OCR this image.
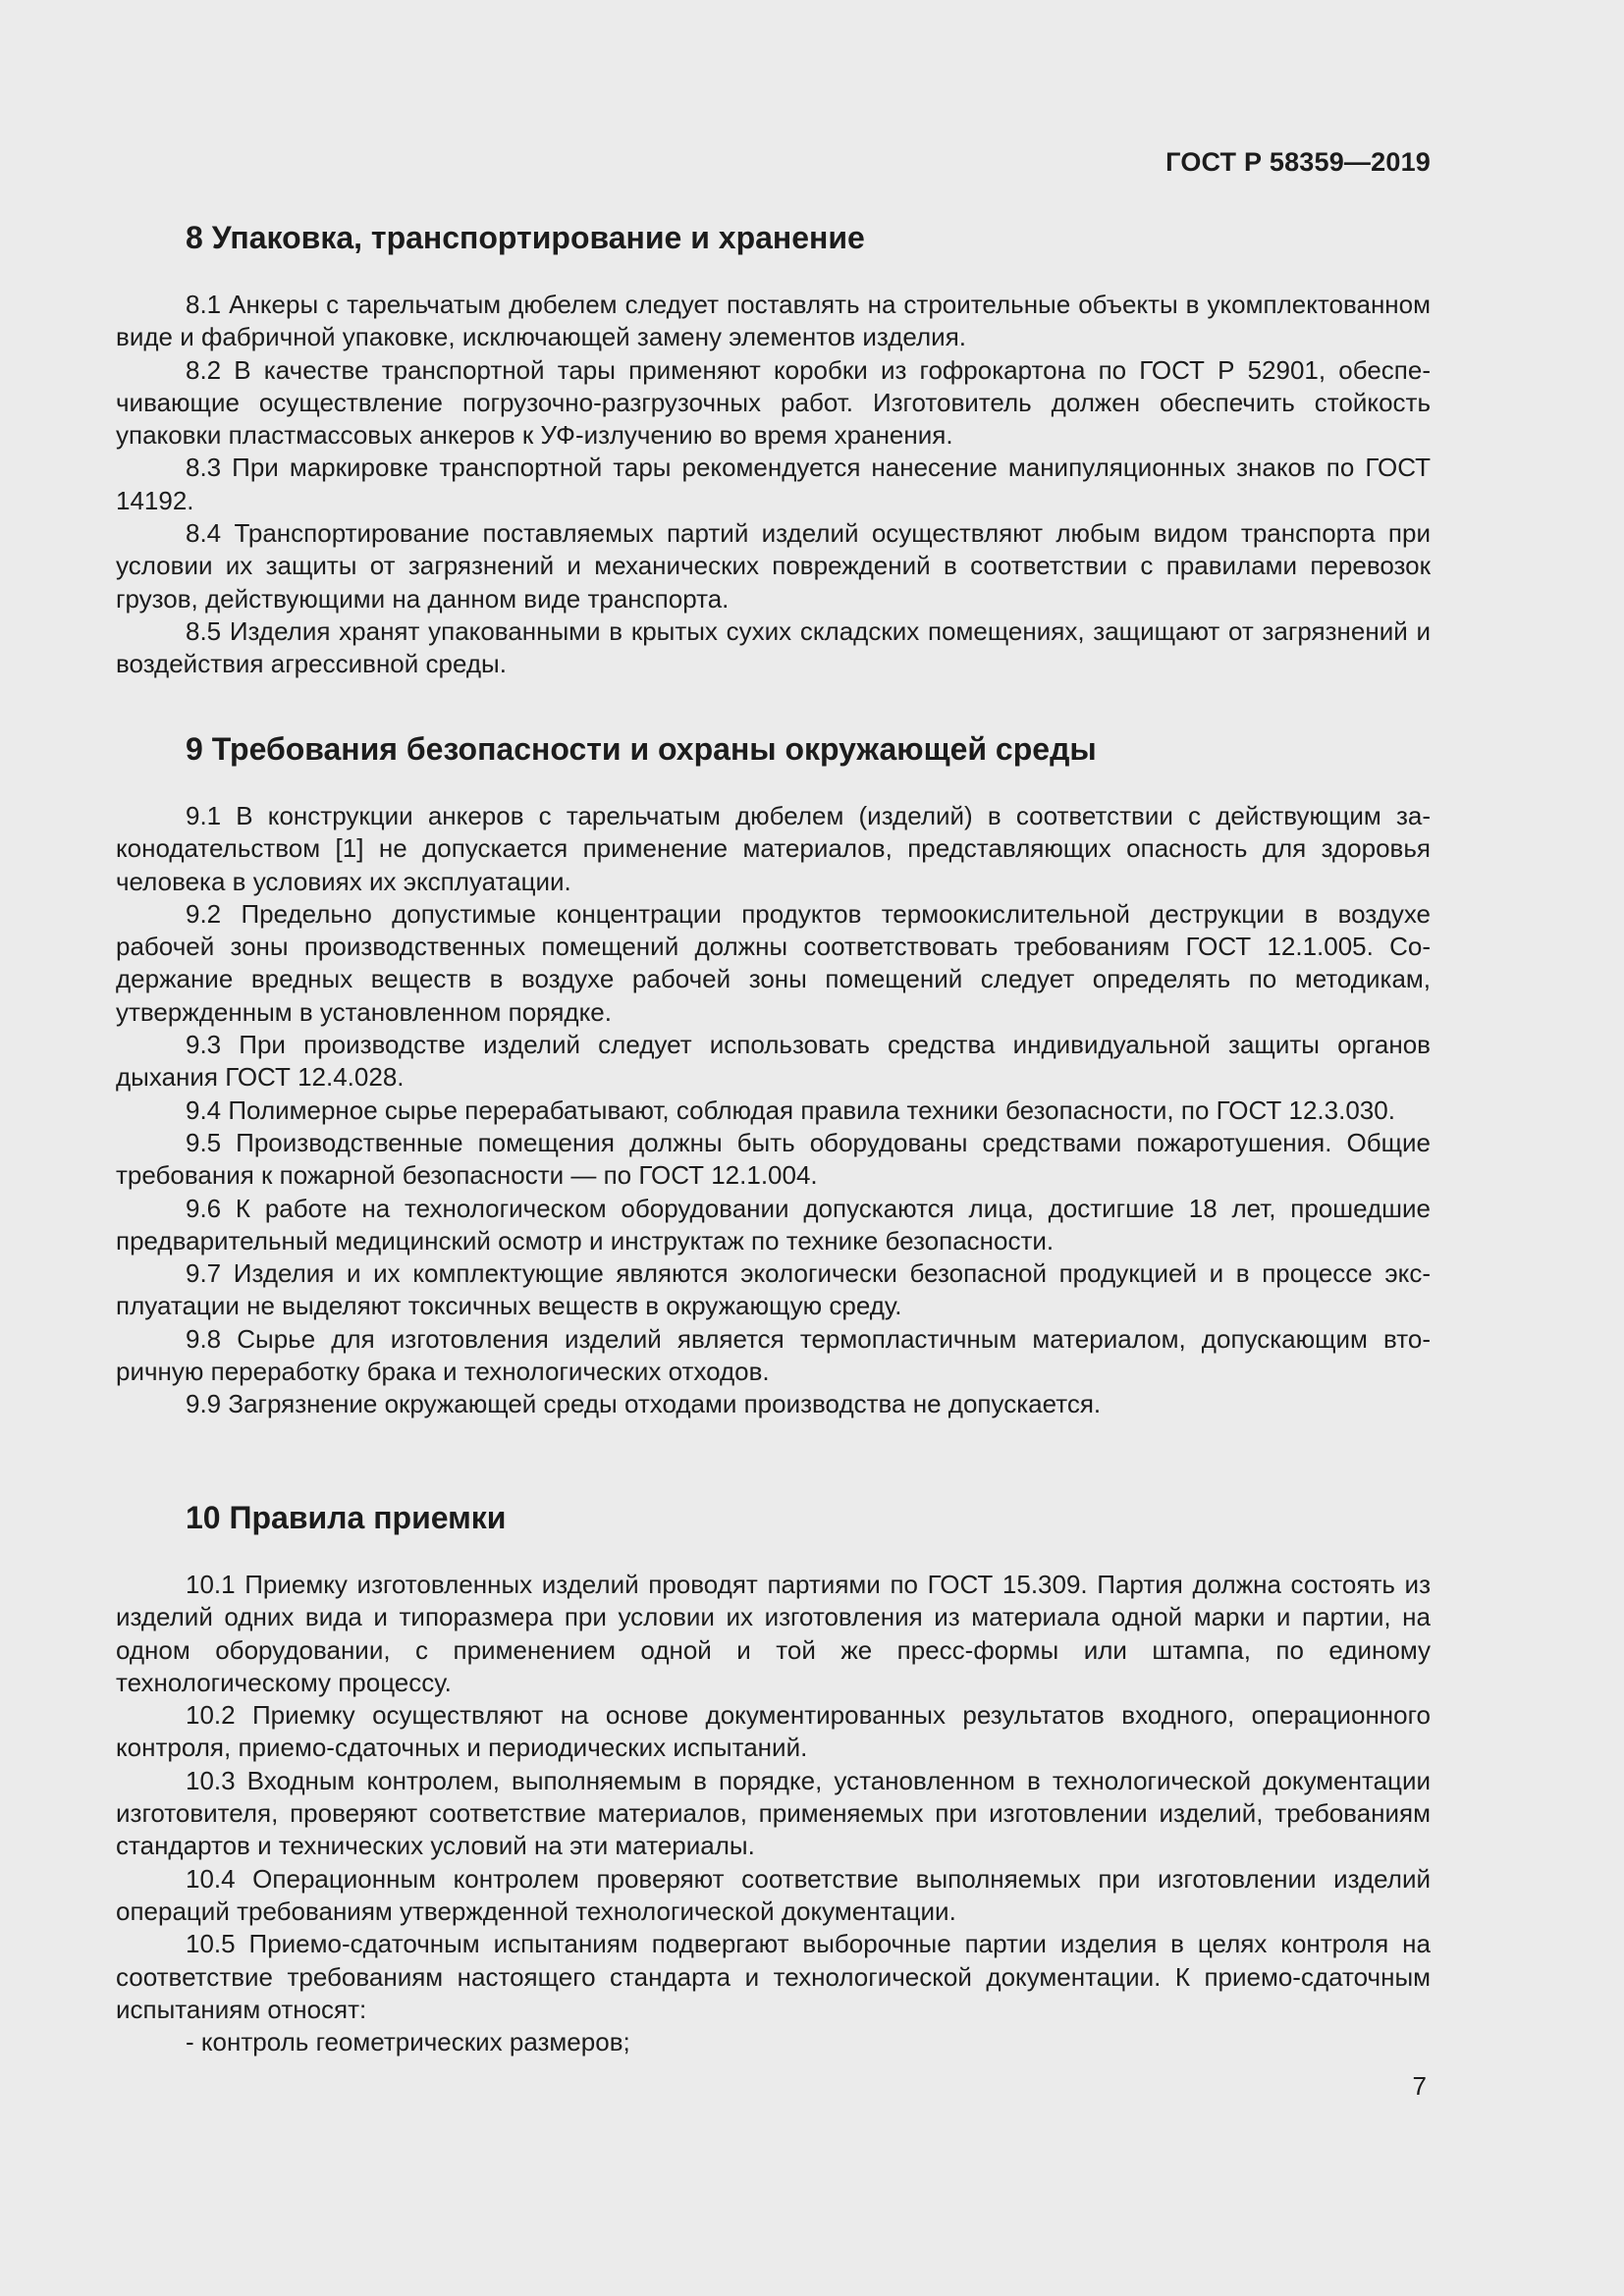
ГОСТ Р 58359—2019
8 Упаковка, транспортирование и хранение

8.1 Анкеры с тарельчатым дюбелем следует поставлять на строительные объекты в укомплектованном виде и фабричной упаковке, исключающей замену элементов изделия.

8.2 В качестве транспортной тары применяют коробки из гофрокартона по ГОСТ Р 52901, обеспечивающие осуществление погрузочно-разгрузочных работ. Изготовитель должен обеспечить стойкость упаковки пластмассовых анкеров к УФ-излучению во время хранения.

8.3 При маркировке транспортной тары рекомендуется нанесение манипуляционных знаков по ГОСТ 14192.

8.4 Транспортирование поставляемых партий изделий осуществляют любым видом транспорта при условии их защиты от загрязнений и механических повреждений в соответствии с правилами перевозок грузов, действующими на данном виде транспорта.

8.5 Изделия хранят упакованными в крытых сухих складских помещениях, защищают от загрязнений и воздействия агрессивной среды.

9 Требования безопасности и охраны окружающей среды

9.1 В конструкции анкеров с тарельчатым дюбелем (изделий) в соответствии с действующим законодательством [1] не допускается применение материалов, представляющих опасность для здоровья человека в условиях их эксплуатации.

9.2 Предельно допустимые концентрации продуктов термоокислительной деструкции в воздухе рабочей зоны производственных помещений должны соответствовать требованиям ГОСТ 12.1.005. Содержание вредных веществ в воздухе рабочей зоны помещений следует определять по методикам, утвержденным в установленном порядке.

9.3 При производстве изделий следует использовать средства индивидуальной защиты органов дыхания ГОСТ 12.4.028.

9.4 Полимерное сырье перерабатывают, соблюдая правила техники безопасности, по ГОСТ 12.3.030.

9.5 Производственные помещения должны быть оборудованы средствами пожаротушения. Общие требования к пожарной безопасности — по ГОСТ 12.1.004.

9.6 К работе на технологическом оборудовании допускаются лица, достигшие 18 лет, прошедшие предварительный медицинский осмотр и инструктаж по технике безопасности.

9.7 Изделия и их комплектующие являются экологически безопасной продукцией и в процессе эксплуатации не выделяют токсичных веществ в окружающую среду.

9.8 Сырье для изготовления изделий является термопластичным материалом, допускающим вторичную переработку брака и технологических отходов.

9.9 Загрязнение окружающей среды отходами производства не допускается.

10 Правила приемки

10.1 Приемку изготовленных изделий проводят партиями по ГОСТ 15.309. Партия должна состоять из изделий одних вида и типоразмера при условии их изготовления из материала одной марки и партии, на одном оборудовании, с применением одной и той же пресс-формы или штампа, по единому технологическому процессу.

10.2 Приемку осуществляют на основе документированных результатов входного, операционного контроля, приемо-сдаточных и периодических испытаний.

10.3 Входным контролем, выполняемым в порядке, установленном в технологической документации изготовителя, проверяют соответствие материалов, применяемых при изготовлении изделий, требованиям стандартов и технических условий на эти материалы.

10.4 Операционным контролем проверяют соответствие выполняемых при изготовлении изделий операций требованиям утвержденной технологической документации.

10.5 Приемо-сдаточным испытаниям подвергают выборочные партии изделия в целях контроля на соответствие требованиям настоящего стандарта и технологической документации. К приемо-сдаточным испытаниям относят:

- контроль геометрических размеров;

7
